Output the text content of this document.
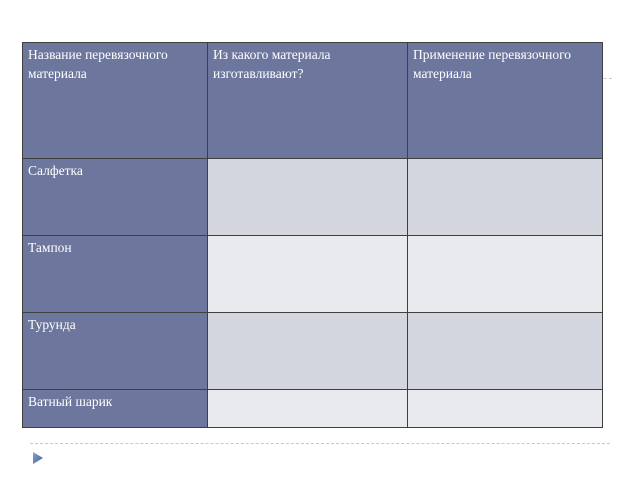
Название перевязочного материала	Из какого материала изготавливают?	Применение перевязочного материала
Салфетка		
Тампон		
Турунда		
Ватный шарик		
